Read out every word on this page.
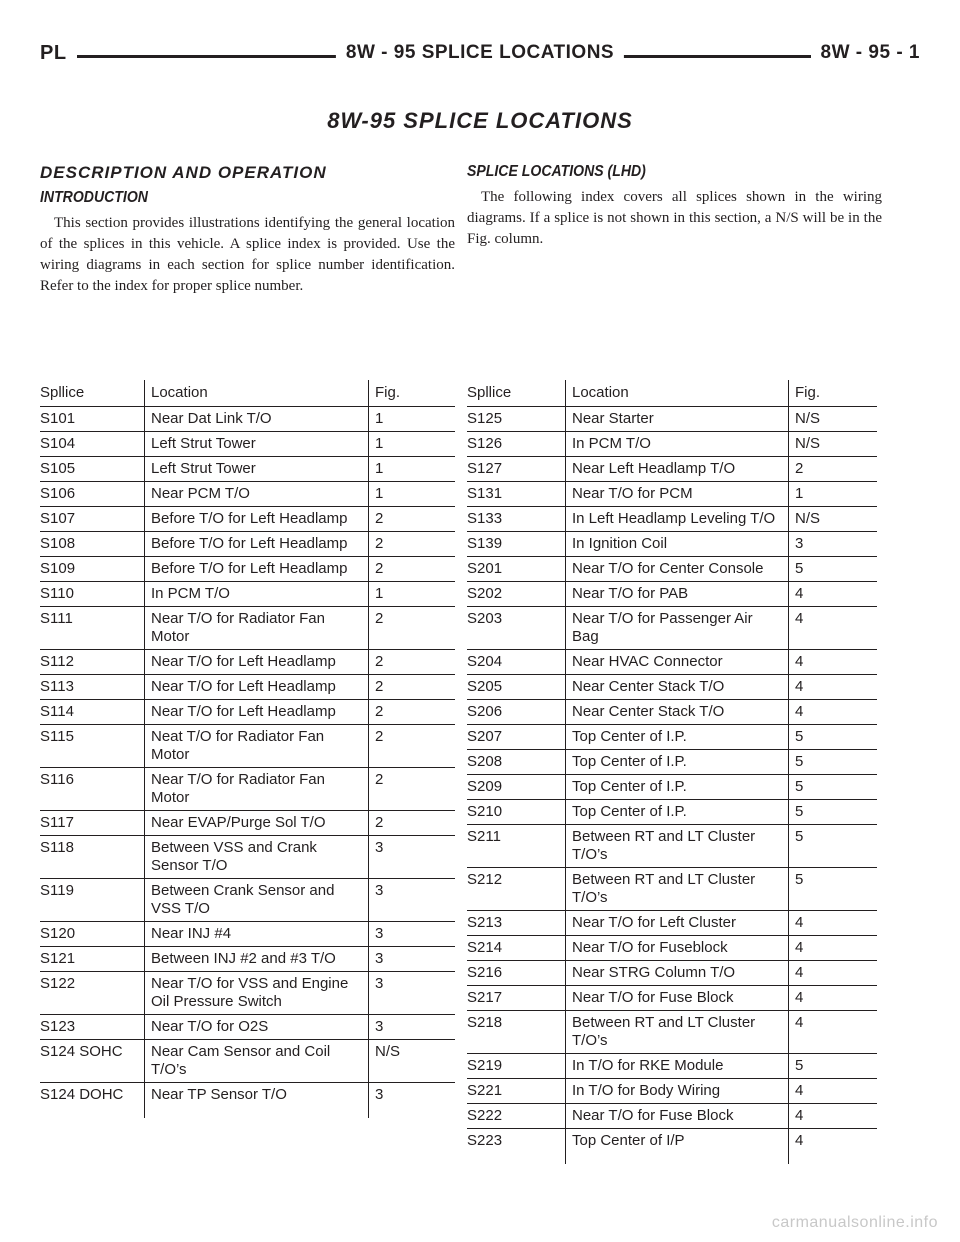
PL	8W - 95 SPLICE LOCATIONS	8W - 95 - 1
8W-95 SPLICE LOCATIONS
DESCRIPTION AND OPERATION
INTRODUCTION

This section provides illustrations identifying the general location of the splices in this vehicle. A splice index is provided. Use the wiring diagrams in each section for splice number identification. Refer to the index for proper splice number.

SPLICE LOCATIONS (LHD)

The following index covers all splices shown in the wiring diagrams. If a splice is not shown in this section, a N/S will be in the Fig. column.

Spllice	Location	Fig.
S101	Near Dat Link T/O	1
S104	Left Strut Tower	1
S105	Left Strut Tower	1
S106	Near PCM T/O	1
S107	Before T/O for Left Headlamp	2
S108	Before T/O for Left Headlamp	2
S109	Before T/O for Left Headlamp	2
S110	In PCM T/O	1
S111	Near T/O for Radiator Fan Motor	2
S112	Near T/O for Left Headlamp	2
S113	Near T/O for Left Headlamp	2
S114	Near T/O for Left Headlamp	2
S115	Neat T/O for Radiator Fan Motor	2
S116	Near T/O for Radiator Fan Motor	2
S117	Near EVAP/Purge Sol T/O	2
S118	Between VSS and Crank Sensor T/O	3
S119	Between Crank Sensor and VSS T/O	3
S120	Near INJ #4	3
S121	Between INJ #2 and #3 T/O	3
S122	Near T/O for VSS and Engine Oil Pressure Switch	3
S123	Near T/O for O2S	3
S124 SOHC	Near Cam Sensor and Coil T/O’s	N/S
S124 DOHC	Near TP Sensor T/O	3
Spllice	Location	Fig.
S125	Near Starter	N/S
S126	In PCM T/O	N/S
S127	Near Left Headlamp T/O	2
S131	Near T/O for PCM	1
S133	In Left Headlamp Leveling T/O	N/S
S139	In Ignition Coil	3
S201	Near T/O for Center Console	5
S202	Near T/O for PAB	4
S203	Near T/O for Passenger Air Bag	4
S204	Near HVAC Connector	4
S205	Near Center Stack T/O	4
S206	Near Center Stack T/O	4
S207	Top Center of I.P.	5
S208	Top Center of I.P.	5
S209	Top Center of I.P.	5
S210	Top Center of I.P.	5
S211	Between RT and LT Cluster T/O’s	5
S212	Between RT and LT Cluster T/O’s	5
S213	Near T/O for Left Cluster	4
S214	Near T/O for Fuseblock	4
S216	Near STRG Column T/O	4
S217	Near T/O for Fuse Block	4
S218	Between RT and LT Cluster T/O’s	4
S219	In T/O for RKE Module	5
S221	In T/O for Body Wiring	4
S222	Near T/O for Fuse Block	4
S223	Top Center of I/P	4
carmanualsonline.info
